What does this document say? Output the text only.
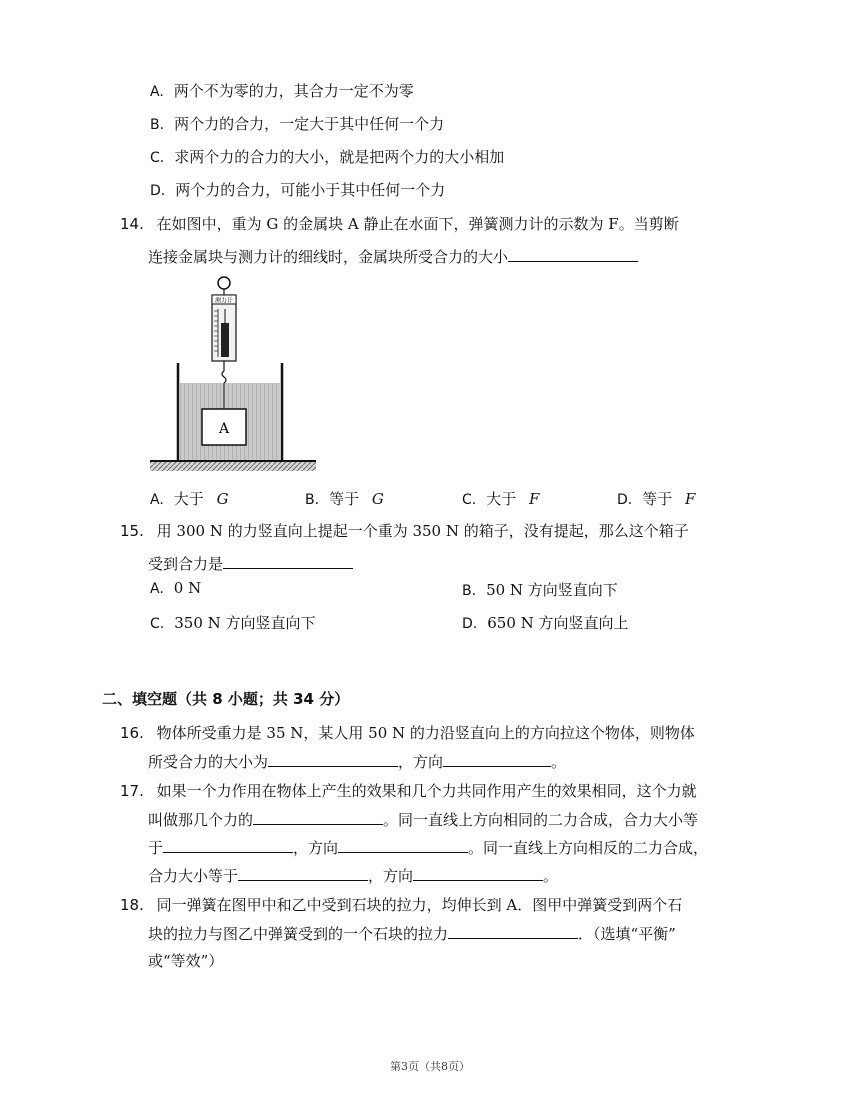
A. 两个不为零的力，其合力一定不为零
B. 两个力的合力，一定大于其中任何一个力
C. 求两个力的合力的大小，就是把两个力的大小相加
D. 两个力的合力，可能小于其中任何一个力
14. 在如图中，重为 G 的金属块 A 静止在水面下，弹簧测力计的示数为 F。当剪断
连接金属块与测力计的细线时，金属块所受合力的大小
测力计
A
A. 大于 G	B. 等于 G	C. 大于 F	D. 等于 F
15. 用 300 N 的力竖直向上提起一个重为 350 N 的箱子，没有提起，那么这个箱子
受到合力是
A. 0 N	B. 50 N 方向竖直向下
C. 350 N 方向竖直向下	D. 650 N 方向竖直向上
二、填空题（共 8 小题；共 34 分）
16. 物体所受重力是 35 N，某人用 50 N 的力沿竖直向上的方向拉这个物体，则物体
所受合力的大小为	，方向	。
17. 如果一个力作用在物体上产生的效果和几个力共同作用产生的效果相同，这个力就
叫做那几个力的	。同一直线上方向相同的二力合成，合力大小等
于	，方向	。同一直线上方向相反的二力合成，
合力大小等于	，方向	。
18. 同一弹簧在图甲中和乙中受到石块的拉力，均伸长到 A．图甲中弹簧受到两个石
块的拉力与图乙中弹簧受到的一个石块的拉力	．（选填“平衡”
或“等效”）
第3页（共8页）
